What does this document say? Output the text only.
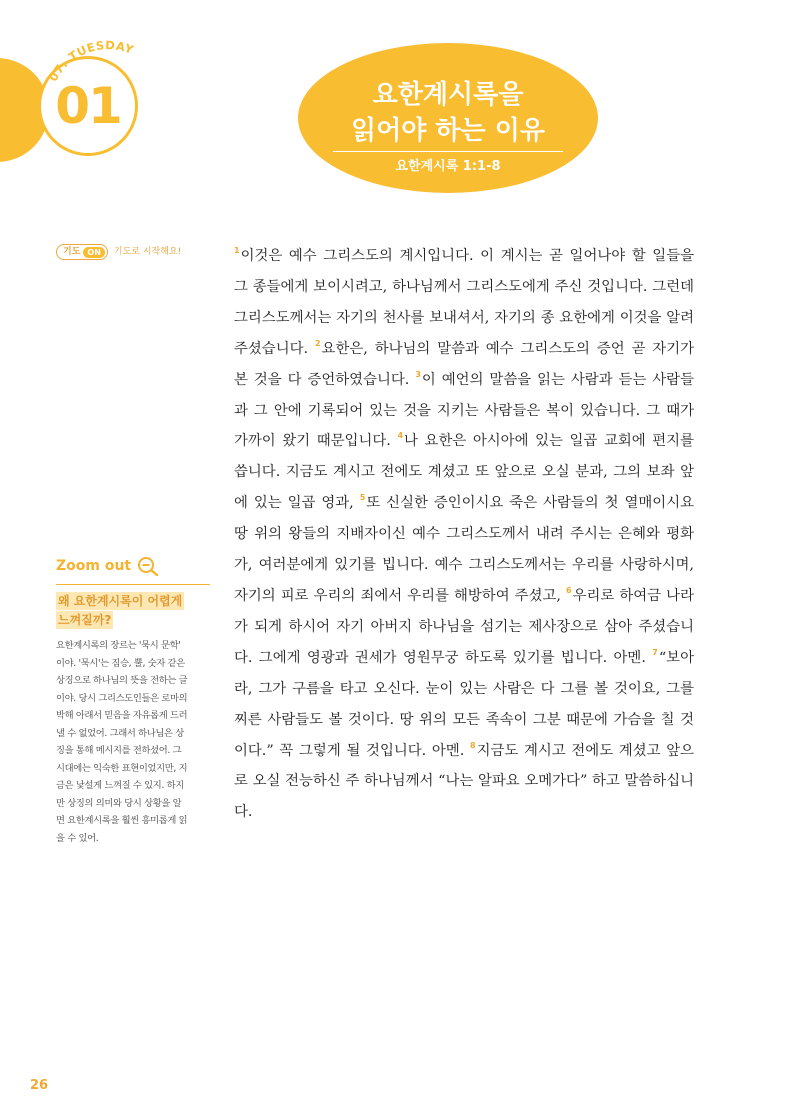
07. TUESDAY
01	요한계시록을
읽어야 하는 이유
요한계시록 1:1-8
기도 ON	기도로 시작해요!
Zoom out
왜 요한계시록이 어렵게
느껴질까?
요한계시록의 장르는 '묵시 문학'
이야. '묵시'는 짐승, 뿔, 숫자 같은
상징으로 하나님의 뜻을 전하는 글
이야. 당시 그리스도인들은 로마의
박해 아래서 믿음을 자유롭게 드러
낼 수 없었어. 그래서 하나님은 상
징을 통해 메시지를 전하셨어. 그
시대에는 익숙한 표현이었지만, 지
금은 낯설게 느껴질 수 있지. 하지
만 상징의 의미와 당시 상황을 알
면 요한계시록을 훨씬 흥미롭게 읽
을 수 있어.
$^1$이것은 예수 그리스도의 계시입니다. 이 계시는 곧 일어나야 할 일들을 그 종들에게 보이시려고, 하나님께서 그리스도에게 주신 것입니다. 그런데 그리스도께서는 자기의 천사를 보내셔서, 자기의 종 요한에게 이것을 알려 주셨습니다. $^2$요한은, 하나님의 말씀과 예수 그리스도의 증언 곧 자기가 본 것을 다 증언하였습니다. $^3$이 예언의 말씀을 읽는 사람과 듣는 사람들과 그 안에 기록되어 있는 것을 지키는 사람들은 복이 있습니다. 그 때가 가까이 왔기 때문입니다. $^4$나 요한은 아시아에 있는 일곱 교회에 편지를 씁니다. 지금도 계시고 전에도 계셨고 또 앞으로 오실 분과, 그의 보좌 앞에 있는 일곱 영과, $^5$또 신실한 증인이시요 죽은 사람들의 첫 열매이시요 땅 위의 왕들의 지배자이신 예수 그리스도께서 내려 주시는 은혜와 평화가, 여러분에게 있기를 빕니다. 예수 그리스도께서는 우리를 사랑하시며, 자기의 피로 우리의 죄에서 우리를 해방하여 주셨고, $^6$우리로 하여금 나라가 되게 하시어 자기 아버지 하나님을 섬기는 제사장으로 삼아 주셨습니다. 그에게 영광과 권세가 영원무궁 하도록 있기를 빕니다. 아멘. $^7$“보아라, 그가 구름을 타고 오신다. 눈이 있는 사람은 다 그를 볼 것이요, 그를 찌른 사람들도 볼 것이다. 땅 위의 모든 족속이 그분 때문에 가슴을 칠 것이다.” 꼭 그렇게 될 것입니다. 아멘. $^8$지금도 계시고 전에도 계셨고 앞으로 오실 전능하신 주 하나님께서 “나는 알파요 오메가다” 하고 말씀하십니다.
26
